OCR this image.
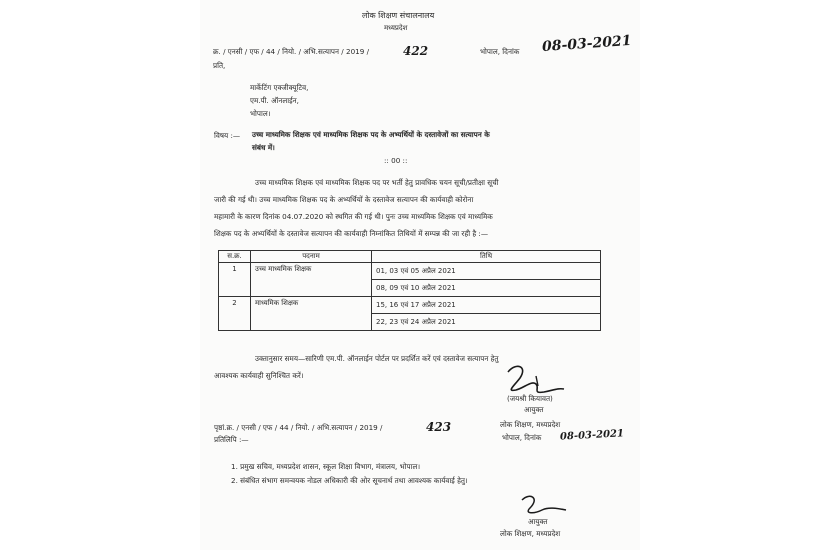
लोक शिक्षण संचालनालय
मध्यप्रदेश
क्र. / एनसी / एफ / 44 / नियो. / अभि.सत्यापन / 2019 /	422	भोपाल, दिनांक 08-03-2021
प्रति,
मार्केटिंग एक्जीक्यूटिव,
एम.पी. ऑनलाईन,
भोपाल।
विषय :— उच्च माध्यमिक शिक्षक एवं माध्यमिक शिक्षक पद के अभ्यर्थियों के दस्तावेजों का सत्यापन के
संबंध में।
:: 00 ::
उच्च माध्यमिक शिक्षक एवं माध्यमिक शिक्षक पद पर भर्ती हेतु प्रावधिक चयन सूची/प्रतीक्षा सूची
जारी की गई थी। उच्च माध्यमिक शिक्षक पद के अभ्यर्थियों के दस्तावेज सत्यापन की कार्यवाही कोरोना
महामारी के कारण दिनांक 04.07.2020 को स्थगित की गई थी। पुनः उच्च माध्यमिक शिक्षक एवं माध्यमिक
शिक्षक पद के अभ्यर्थियों के दस्तावेज सत्यापन की कार्यवाही निम्नांकित तिथियों में सम्पन्न की जा रही है :—
स.क्र.	पदनाम	तिथि
1	उच्च माध्यमिक शिक्षक	01, 03 एवं 05 अप्रैल 2021
		08, 09 एवं 10 अप्रैल 2021
2	माध्यमिक शिक्षक	15, 16 एवं 17 अप्रैल 2021
		22, 23 एवं 24 अप्रैल 2021
उक्तानुसार समय—सारिणी एम.पी. ऑनलाईन पोर्टल पर प्रदर्शित करें एवं दस्तावेज सत्यापन हेतु
आवश्यक कार्यवाही सुनिश्चित करें।
(जयश्री कियावत)
आयुक्त
लोक शिक्षण, मध्यप्रदेश
भोपाल, दिनांक 08-03-2021
पृष्ठां.क्र. / एनसी / एफ / 44 / नियो. / अभि.सत्यापन / 2019 /	423
प्रतिलिपि :—
1. प्रमुख सचिव, मध्यप्रदेश शासन, स्कूल शिक्षा विभाग, मंत्रालय, भोपाल।
2. संबंधित संभाग समन्वयक नोडल अधिकारी की ओर सूचनार्थ तथा आवश्यक कार्यवाई हेतु।
आयुक्त
लोक शिक्षण, मध्यप्रदेश
